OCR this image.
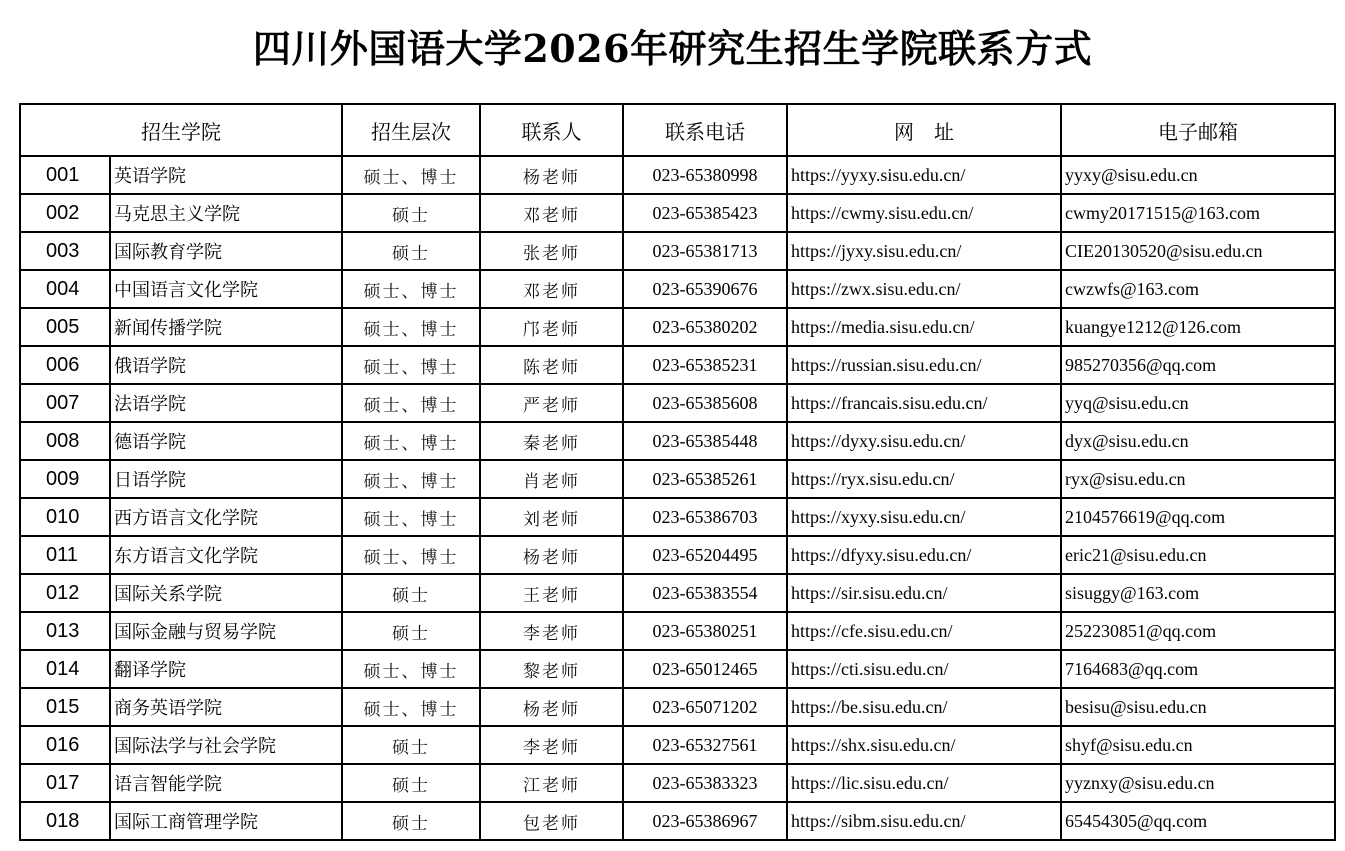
四川外国语大学2026年研究生招生学院联系方式
招生学院		招生层次	联系人	联系电话	网　址	电子邮箱
001	英语学院	硕士、博士	杨老师	023-65380998	https://yyxy.sisu.edu.cn/	yyxy@sisu.edu.cn
002	马克思主义学院	硕士	邓老师	023-65385423	https://cwmy.sisu.edu.cn/	cwmy20171515@163.com
003	国际教育学院	硕士	张老师	023-65381713	https://jyxy.sisu.edu.cn/	CIE20130520@sisu.edu.cn
004	中国语言文化学院	硕士、博士	邓老师	023-65390676	https://zwx.sisu.edu.cn/	cwzwfs@163.com
005	新闻传播学院	硕士、博士	邝老师	023-65380202	https://media.sisu.edu.cn/	kuangye1212@126.com
006	俄语学院	硕士、博士	陈老师	023-65385231	https://russian.sisu.edu.cn/	985270356@qq.com
007	法语学院	硕士、博士	严老师	023-65385608	https://francais.sisu.edu.cn/	yyq@sisu.edu.cn
008	德语学院	硕士、博士	秦老师	023-65385448	https://dyxy.sisu.edu.cn/	dyx@sisu.edu.cn
009	日语学院	硕士、博士	肖老师	023-65385261	https://ryx.sisu.edu.cn/	ryx@sisu.edu.cn
010	西方语言文化学院	硕士、博士	刘老师	023-65386703	https://xyxy.sisu.edu.cn/	2104576619@qq.com
011	东方语言文化学院	硕士、博士	杨老师	023-65204495	https://dfyxy.sisu.edu.cn/	eric21@sisu.edu.cn
012	国际关系学院	硕士	王老师	023-65383554	https://sir.sisu.edu.cn/	sisuggy@163.com
013	国际金融与贸易学院	硕士	李老师	023-65380251	https://cfe.sisu.edu.cn/	252230851@qq.com
014	翻译学院	硕士、博士	黎老师	023-65012465	https://cti.sisu.edu.cn/	7164683@qq.com
015	商务英语学院	硕士、博士	杨老师	023-65071202	https://be.sisu.edu.cn/	besisu@sisu.edu.cn
016	国际法学与社会学院	硕士	李老师	023-65327561	https://shx.sisu.edu.cn/	shyf@sisu.edu.cn
017	语言智能学院	硕士	江老师	023-65383323	https://lic.sisu.edu.cn/	yyznxy@sisu.edu.cn
018	国际工商管理学院	硕士	包老师	023-65386967	https://sibm.sisu.edu.cn/	65454305@qq.com
